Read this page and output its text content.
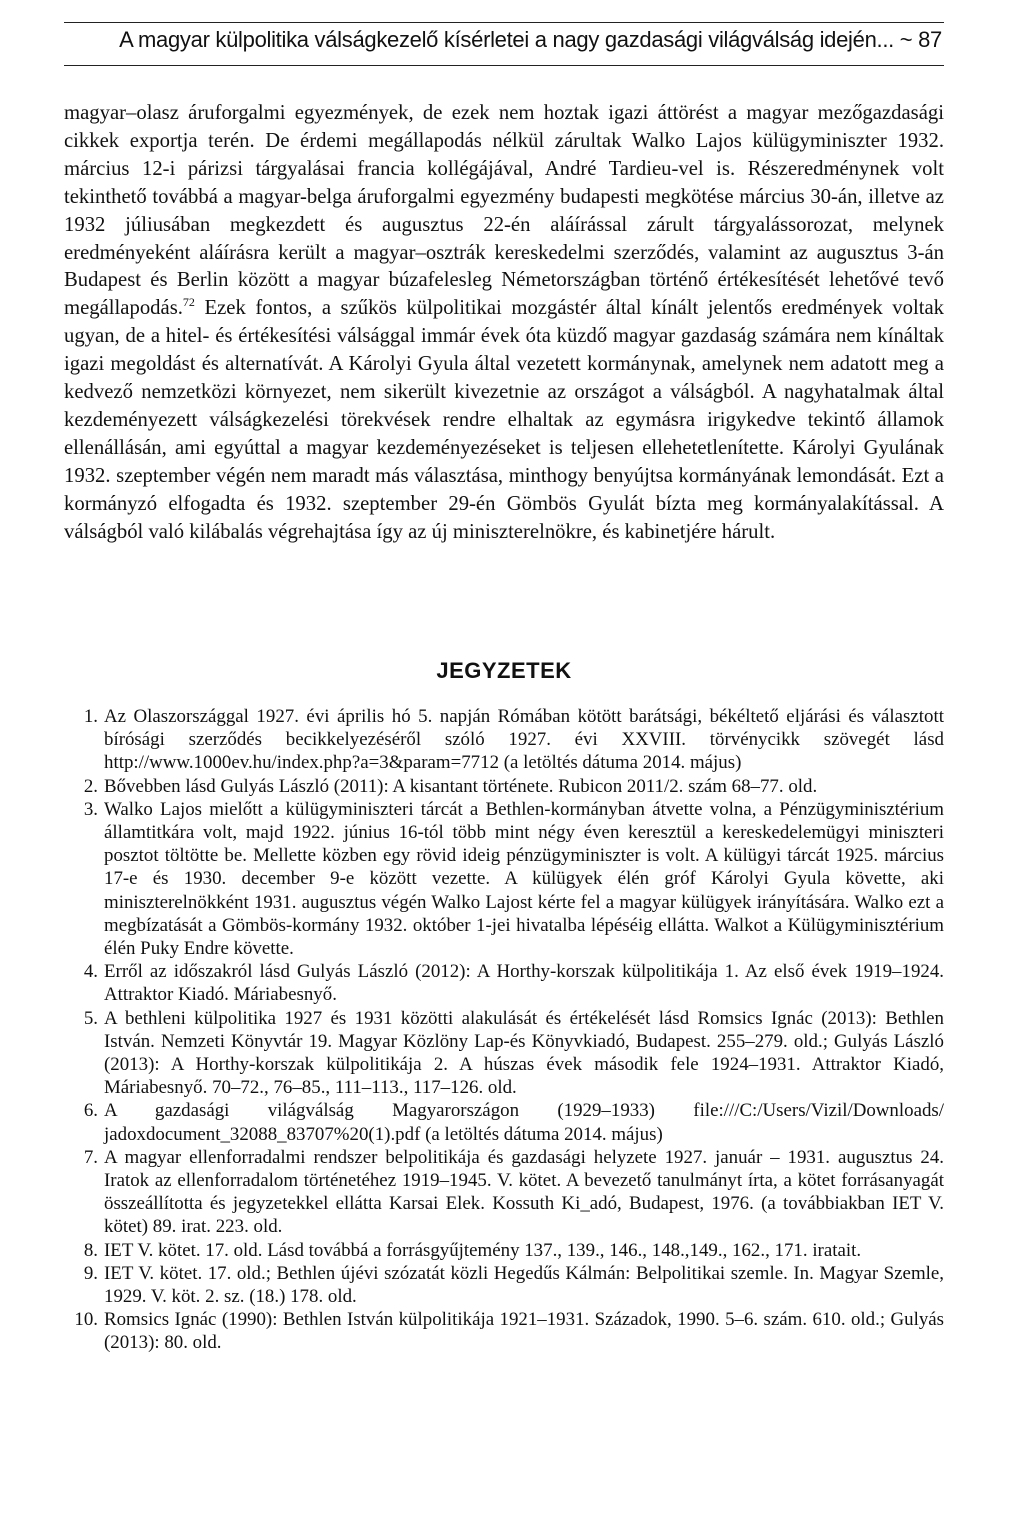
A magyar külpolitika válságkezelő kísérletei a nagy gazdasági világválság idején... ~ 87

magyar–olasz áruforgalmi egyezmények, de ezek nem hoztak igazi áttörést a magyar mezőgazdasági cikkek exportja terén. De érdemi megállapodás nélkül zárultak Walko Lajos külügyminiszter 1932. március 12-i párizsi tárgyalásai francia kollégájával, André Tardieu-vel is. Részeredménynek volt tekinthető továbbá a magyar-belga áruforgalmi egyezmény budapesti megkötése március 30-án, illetve az 1932 júliusában megkezdett és augusztus 22-én aláírással zárult tárgyalássorozat, melynek eredményeként aláírásra került a magyar–osztrák kereskedelmi szerződés, valamint az augusztus 3-án Budapest és Berlin között a magyar búzafelesleg Németországban történő értékesítését lehetővé tevő megállapodás.$^{72}$ Ezek fontos, a szűkös külpolitikai mozgástér által kínált jelentős eredmények voltak ugyan, de a hitel- és értékesítési válsággal immár évek óta küzdő magyar gazdaság számára nem kínáltak igazi megoldást és alternatívát. A Károlyi Gyula által vezetett kormánynak, amelynek nem adatott meg a kedvező nemzetközi környezet, nem sikerült kivezetnie az országot a válságból. A nagyhatalmak által kezdeményezett válságkezelési törekvések rendre elhaltak az egymásra irigykedve tekintő államok ellenállásán, ami egyúttal a magyar kezdeményezéseket is teljesen ellehetetlenítette. Károlyi Gyulának 1932. szeptember végén nem maradt más választása, minthogy benyújtsa kormányának lemondását. Ezt a kormányzó elfogadta és 1932. szeptember 29-én Gömbös Gyulát bízta meg kormányalakítással. A válságból való kilábalás végrehajtása így az új miniszterelnökre, és kabinetjére hárult.

JEGYZETEK
1. Az Olaszországgal 1927. évi április hó 5. napján Rómában kötött barátsági, békéltető eljárási és választott bírósági szerződés becikkelyezéséről szóló 1927. évi XXVIII. törvénycikk szövegét lásd http://www.1000ev.hu/index.php?a=3&param=7712 (a letöltés dátuma 2014. május)
2. Bővebben lásd Gulyás László (2011): A kisantant története. Rubicon 2011/2. szám 68–77. old.
3. Walko Lajos mielőtt a külügyminiszteri tárcát a Bethlen-kormányban átvette volna, a Pénzügyminisztérium államtitkára volt, majd 1922. június 16-tól több mint négy éven keresztül a kereskedelemügyi miniszteri posztot töltötte be. Mellette közben egy rövid ideig pénzügyminiszter is volt. A külügyi tárcát 1925. március 17-e és 1930. december 9-e között vezette. A külügyek élén gróf Károlyi Gyula követte, aki miniszterelnökként 1931. augusztus végén Walko Lajost kérte fel a magyar külügyek irányítására. Walko ezt a megbízatását a Gömbös-kormány 1932. október 1-jei hivatalba lépéséig ellátta. Walkot a Külügyminisztérium élén Puky Endre követte.
4. Erről az időszakról lásd Gulyás László (2012): A Horthy-korszak külpolitikája 1. Az első évek 1919–1924. Attraktor Kiadó. Máriabesnyő.
5. A bethleni külpolitika 1927 és 1931 közötti alakulását és értékelését lásd Romsics Ignác (2013): Bethlen István. Nemzeti Könyvtár 19. Magyar Közlöny Lap-és Könyvkiadó, Budapest. 255–279. old.; Gulyás László (2013): A Horthy-korszak külpolitikája 2. A húszas évek második fele 1924–1931. Attraktor Kiadó, Máriabesnyő. 70–72., 76–85., 111–113., 117–126. old.
6. A gazdasági világválság Magyarországon (1929–1933) file:///C:/Users/Vizil/Downloads/ jadoxdocument_32088_83707%20(1).pdf (a letöltés dátuma 2014. május)
7. A magyar ellenforradalmi rendszer belpolitikája és gazdasági helyzete 1927. január – 1931. augusztus 24. Iratok az ellenforradalom történetéhez 1919–1945. V. kötet. A bevezető tanulmányt írta, a kötet forrásanyagát összeállította és jegyzetekkel ellátta Karsai Elek. Kossuth Ki_adó, Budapest, 1976. (a továbbiakban IET V. kötet) 89. irat. 223. old.
8. IET V. kötet. 17. old. Lásd továbbá a forrásgyűjtemény 137., 139., 146., 148.,149., 162., 171. iratait.
9. IET V. kötet. 17. old.; Bethlen újévi szózatát közli Hegedűs Kálmán: Belpolitikai szemle. In. Magyar Szemle, 1929. V. köt. 2. sz. (18.) 178. old.
10. Romsics Ignác (1990): Bethlen István külpolitikája 1921–1931. Századok, 1990. 5–6. szám. 610. old.; Gulyás (2013): 80. old.
